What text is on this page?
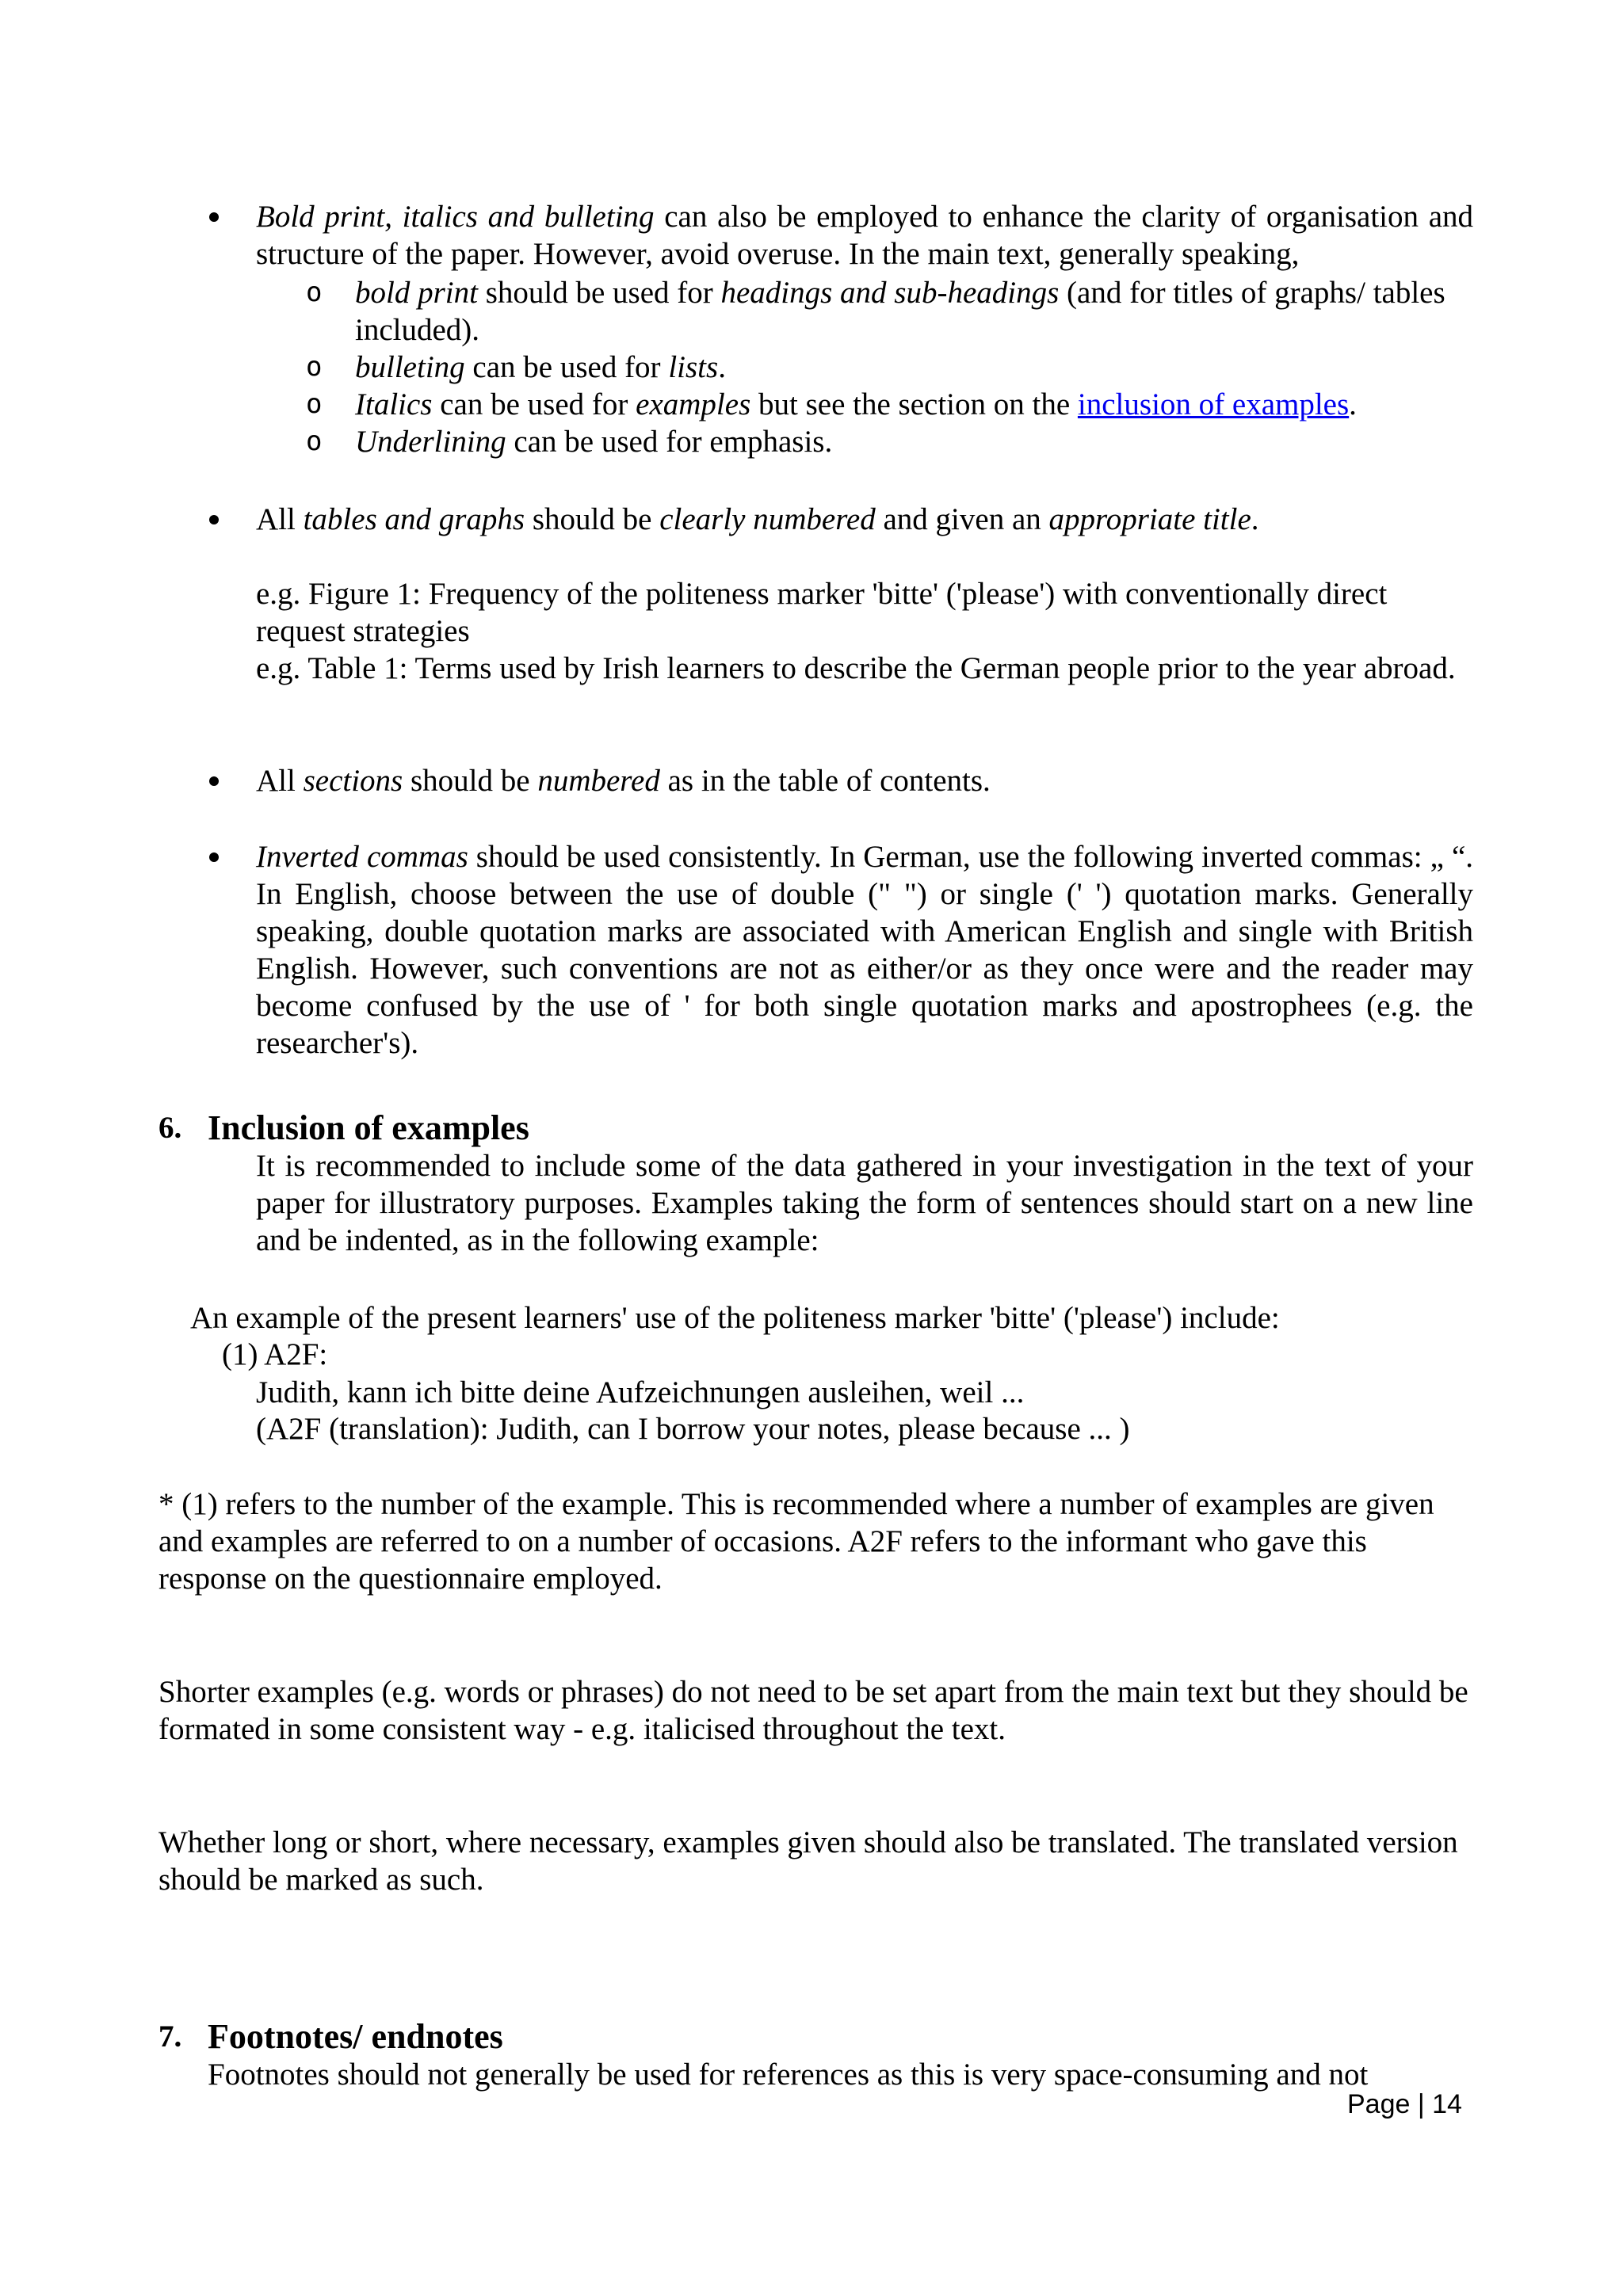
Bold print, italics and bulleting can also be employed to enhance the clarity of organisation and structure of the paper. However, avoid overuse. In the main text, generally speaking,
o bold print should be used for headings and sub-headings (and for titles of graphs/ tables included).
o bulleting can be used for lists.
o Italics can be used for examples but see the section on the inclusion of examples.
o Underlining can be used for emphasis.
All tables and graphs should be clearly numbered and given an appropriate title.
e.g. Figure 1: Frequency of the politeness marker 'bitte' ('please') with conventionally direct request strategies
e.g. Table 1: Terms used by Irish learners to describe the German people prior to the year abroad.
All sections should be numbered as in the table of contents.
Inverted commas should be used consistently. In German, use the following inverted commas: „ “. In English, choose between the use of double (" ") or single (' ') quotation marks. Generally speaking, double quotation marks are associated with American English and single with British English. However, such conventions are not as either/or as they once were and the reader may become confused by the use of ' for both single quotation marks and apostrophees (e.g. the researcher's).
6. Inclusion of examples
It is recommended to include some of the data gathered in your investigation in the text of your paper for illustratory purposes. Examples taking the form of sentences should start on a new line and be indented, as in the following example:
An example of the present learners' use of the politeness marker 'bitte' ('please') include:
(1) A2F:
Judith, kann ich bitte deine Aufzeichnungen ausleihen, weil ...
(A2F (translation): Judith, can I borrow your notes, please because ... )
* (1) refers to the number of the example. This is recommended where a number of examples are given and examples are referred to on a number of occasions. A2F refers to the informant who gave this response on the questionnaire employed.
Shorter examples (e.g. words or phrases) do not need to be set apart from the main text but they should be formated in some consistent way - e.g. italicised throughout the text.
Whether long or short, where necessary, examples given should also be translated. The translated version should be marked as such.
7. Footnotes/ endnotes
Footnotes should not generally be used for references as this is very space-consuming and not
Page | 14
